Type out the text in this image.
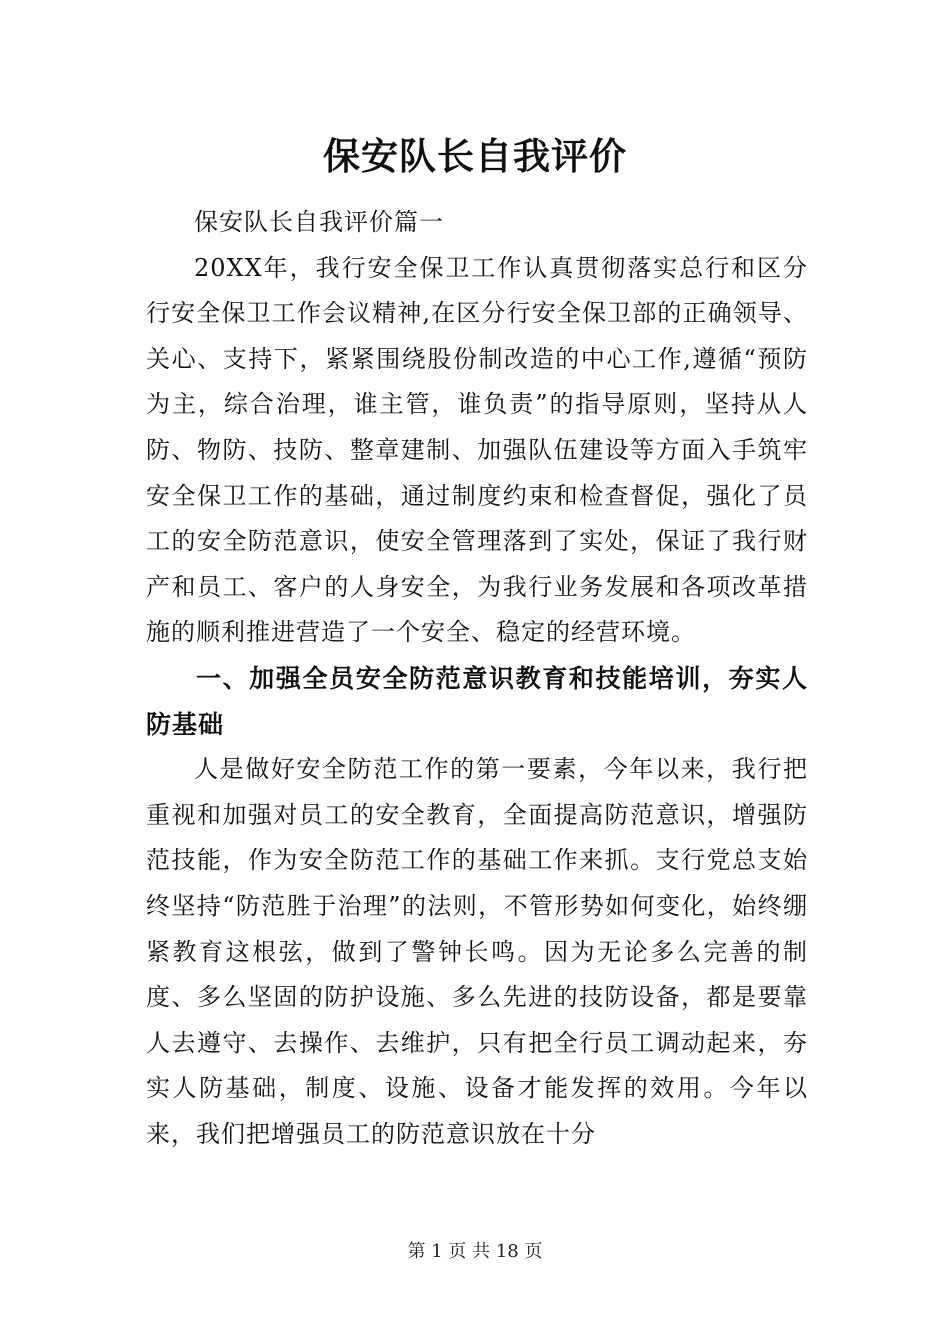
保安队长自我评价

保安队长自我评价篇一

20XX年，我行安全保卫工作认真贯彻落实总行和区分行安全保卫工作会议精神,在区分行安全保卫部的正确领导、关心、支持下，紧紧围绕股份制改造的中心工作,遵循“预防为主，综合治理，谁主管，谁负责”的指导原则，坚持从人防、物防、技防、整章建制、加强队伍建设等方面入手筑牢安全保卫工作的基础，通过制度约束和检查督促，强化了员工的安全防范意识，使安全管理落到了实处，保证了我行财产和员工、客户的人身安全，为我行业务发展和各项改革措施的顺利推进营造了一个安全、稳定的经营环境。

一、加强全员安全防范意识教育和技能培训，夯实人防基础

人是做好安全防范工作的第一要素，今年以来，我行把重视和加强对员工的安全教育，全面提高防范意识，增强防范技能，作为安全防范工作的基础工作来抓。支行党总支始终坚持“防范胜于治理”的法则，不管形势如何变化，始终绷紧教育这根弦，做到了警钟长鸣。因为无论多么完善的制度、多么坚固的防护设施、多么先进的技防设备，都是要靠人去遵守、去操作、去维护，只有把全行员工调动起来，夯实人防基础，制度、设施、设备才能发挥的效用。今年以来，我们把增强员工的防范意识放在十分

第 1 页 共 18 页
